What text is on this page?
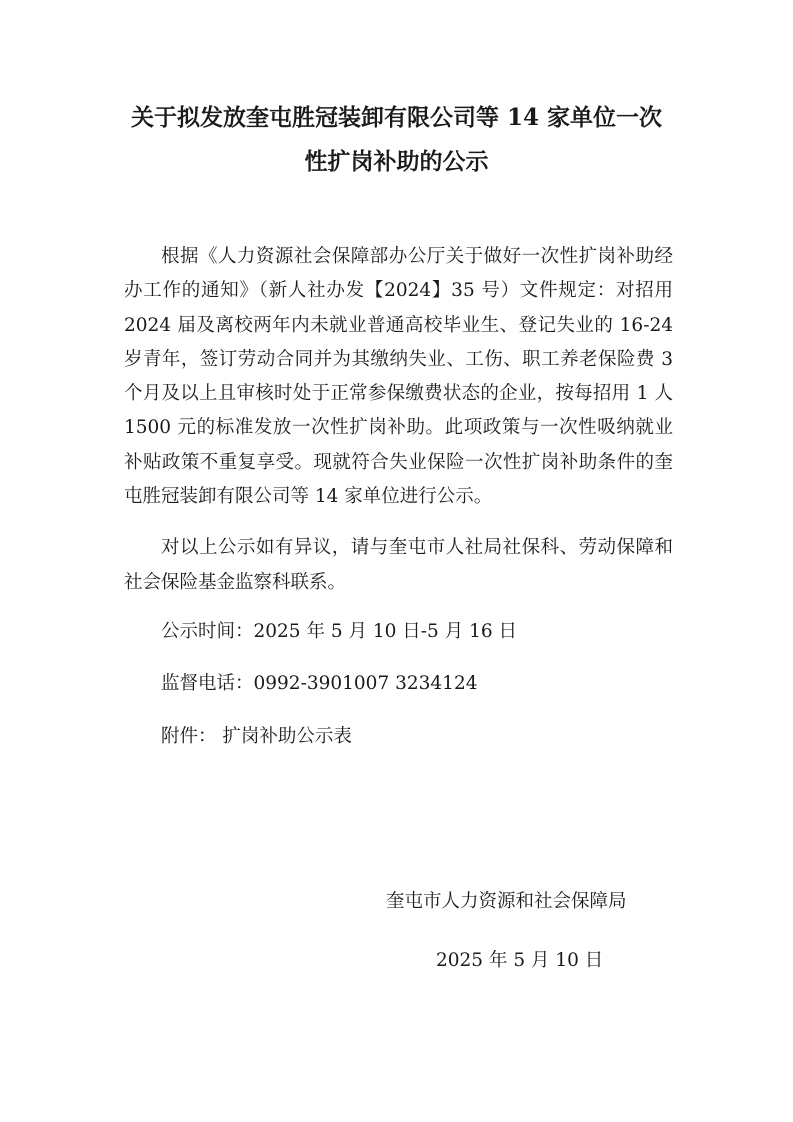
关于拟发放奎屯胜冠装卸有限公司等 14 家单位一次
性扩岗补助的公示

根据《人力资源社会保障部办公厅关于做好一次性扩岗补助经办工作的通知》（新人社办发【2024】35 号）文件规定：对招用 2024 届及离校两年内未就业普通高校毕业生、登记失业的 16-24 岁青年，签订劳动合同并为其缴纳失业、工伤、职工养老保险费 3 个月及以上且审核时处于正常参保缴费状态的企业，按每招用 1 人 1500 元的标准发放一次性扩岗补助。此项政策与一次性吸纳就业补贴政策不重复享受。现就符合失业保险一次性扩岗补助条件的奎屯胜冠装卸有限公司等 14 家单位进行公示。

对以上公示如有异议，请与奎屯市人社局社保科、劳动保障和社会保险基金监察科联系。

公示时间：2025 年 5 月 10 日-5 月 16 日

监督电话：0992-3901007 3234124

附件： 扩岗补助公示表

奎屯市人力资源和社会保障局

2025 年 5 月 10 日
